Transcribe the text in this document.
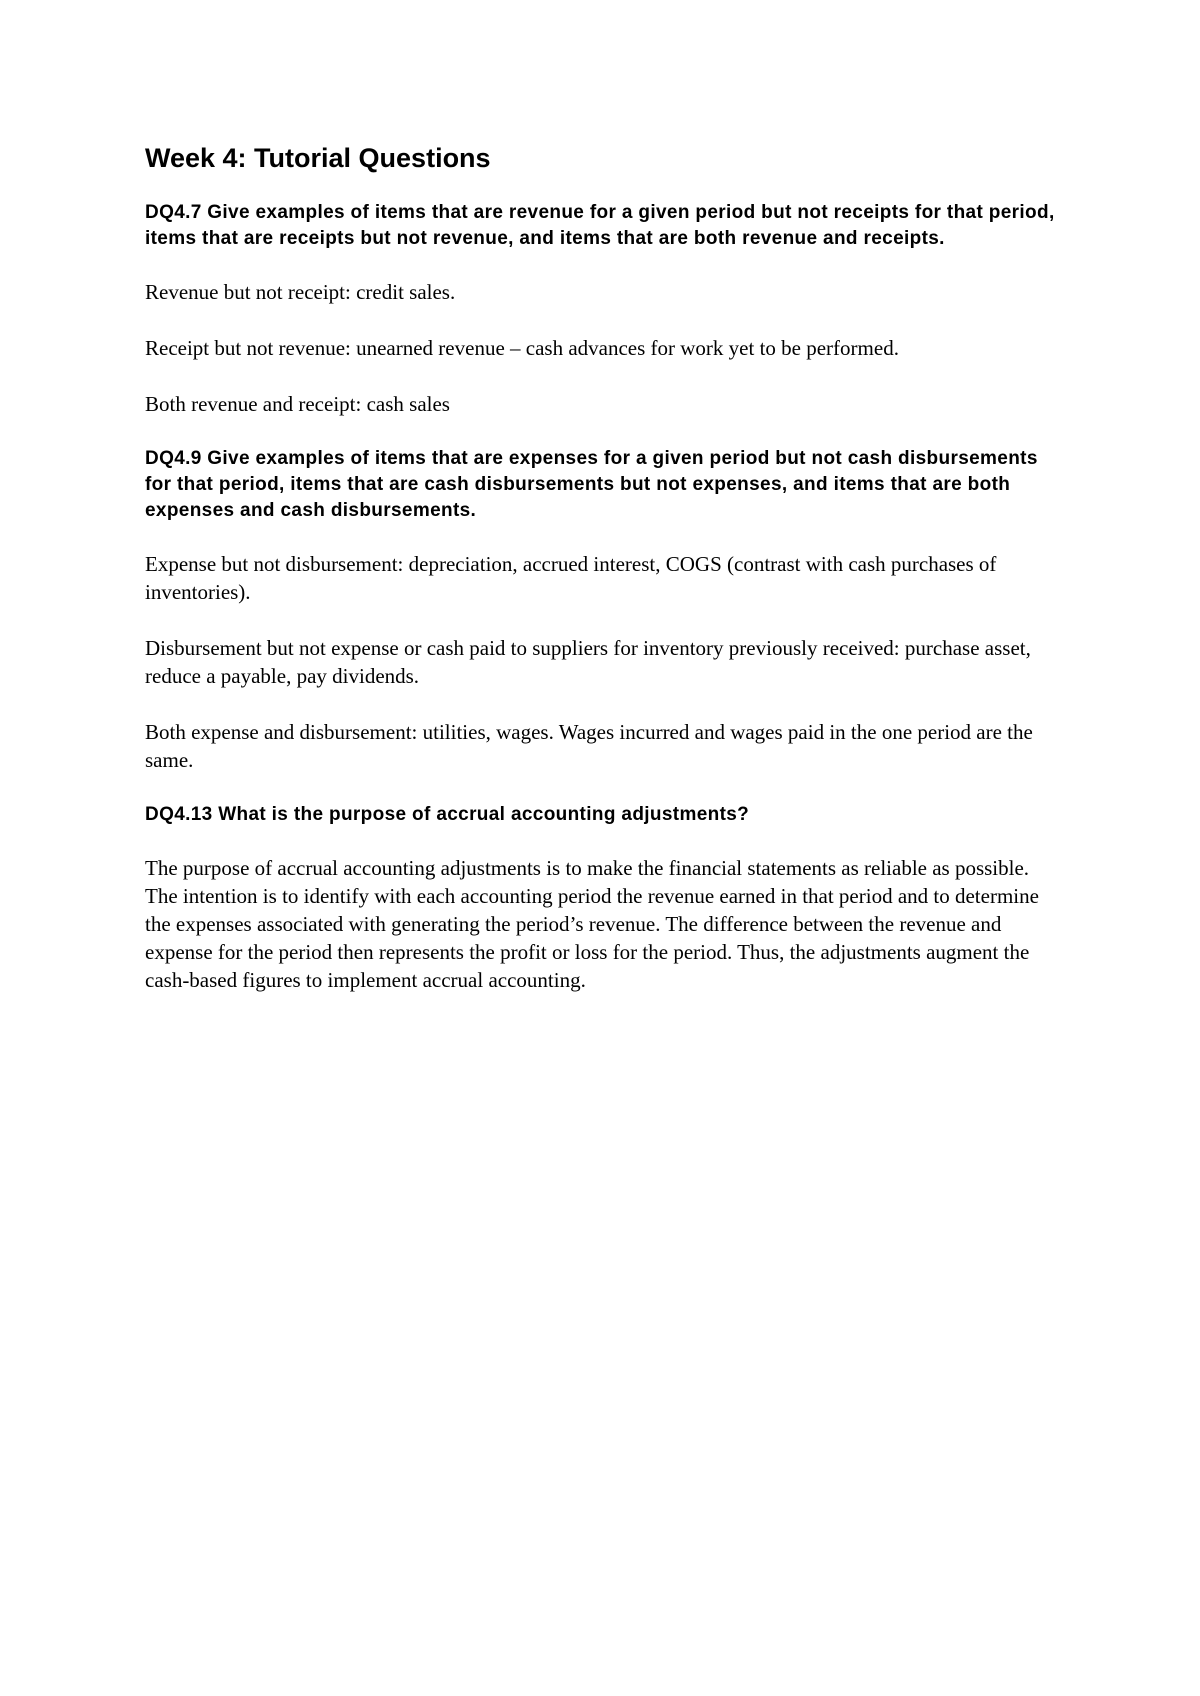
Week 4: Tutorial Questions

DQ4.7 Give examples of items that are revenue for a given period but not receipts for that period, items that are receipts but not revenue, and items that are both revenue and receipts.

Revenue but not receipt: credit sales.

Receipt but not revenue: unearned revenue – cash advances for work yet to be performed.

Both revenue and receipt: cash sales

DQ4.9 Give examples of items that are expenses for a given period but not cash disbursements for that period, items that are cash disbursements but not expenses, and items that are both expenses and cash disbursements.

Expense but not disbursement: depreciation, accrued interest, COGS (contrast with cash purchases of inventories).

Disbursement but not expense or cash paid to suppliers for inventory previously received: purchase asset, reduce a payable, pay dividends.

Both expense and disbursement: utilities, wages. Wages incurred and wages paid in the one period are the same.

DQ4.13 What is the purpose of accrual accounting adjustments?

The purpose of accrual accounting adjustments is to make the financial statements as reliable as possible. The intention is to identify with each accounting period the revenue earned in that period and to determine the expenses associated with generating the period’s revenue. The difference between the revenue and expense for the period then represents the profit or loss for the period. Thus, the adjustments augment the cash-based figures to implement accrual accounting.
